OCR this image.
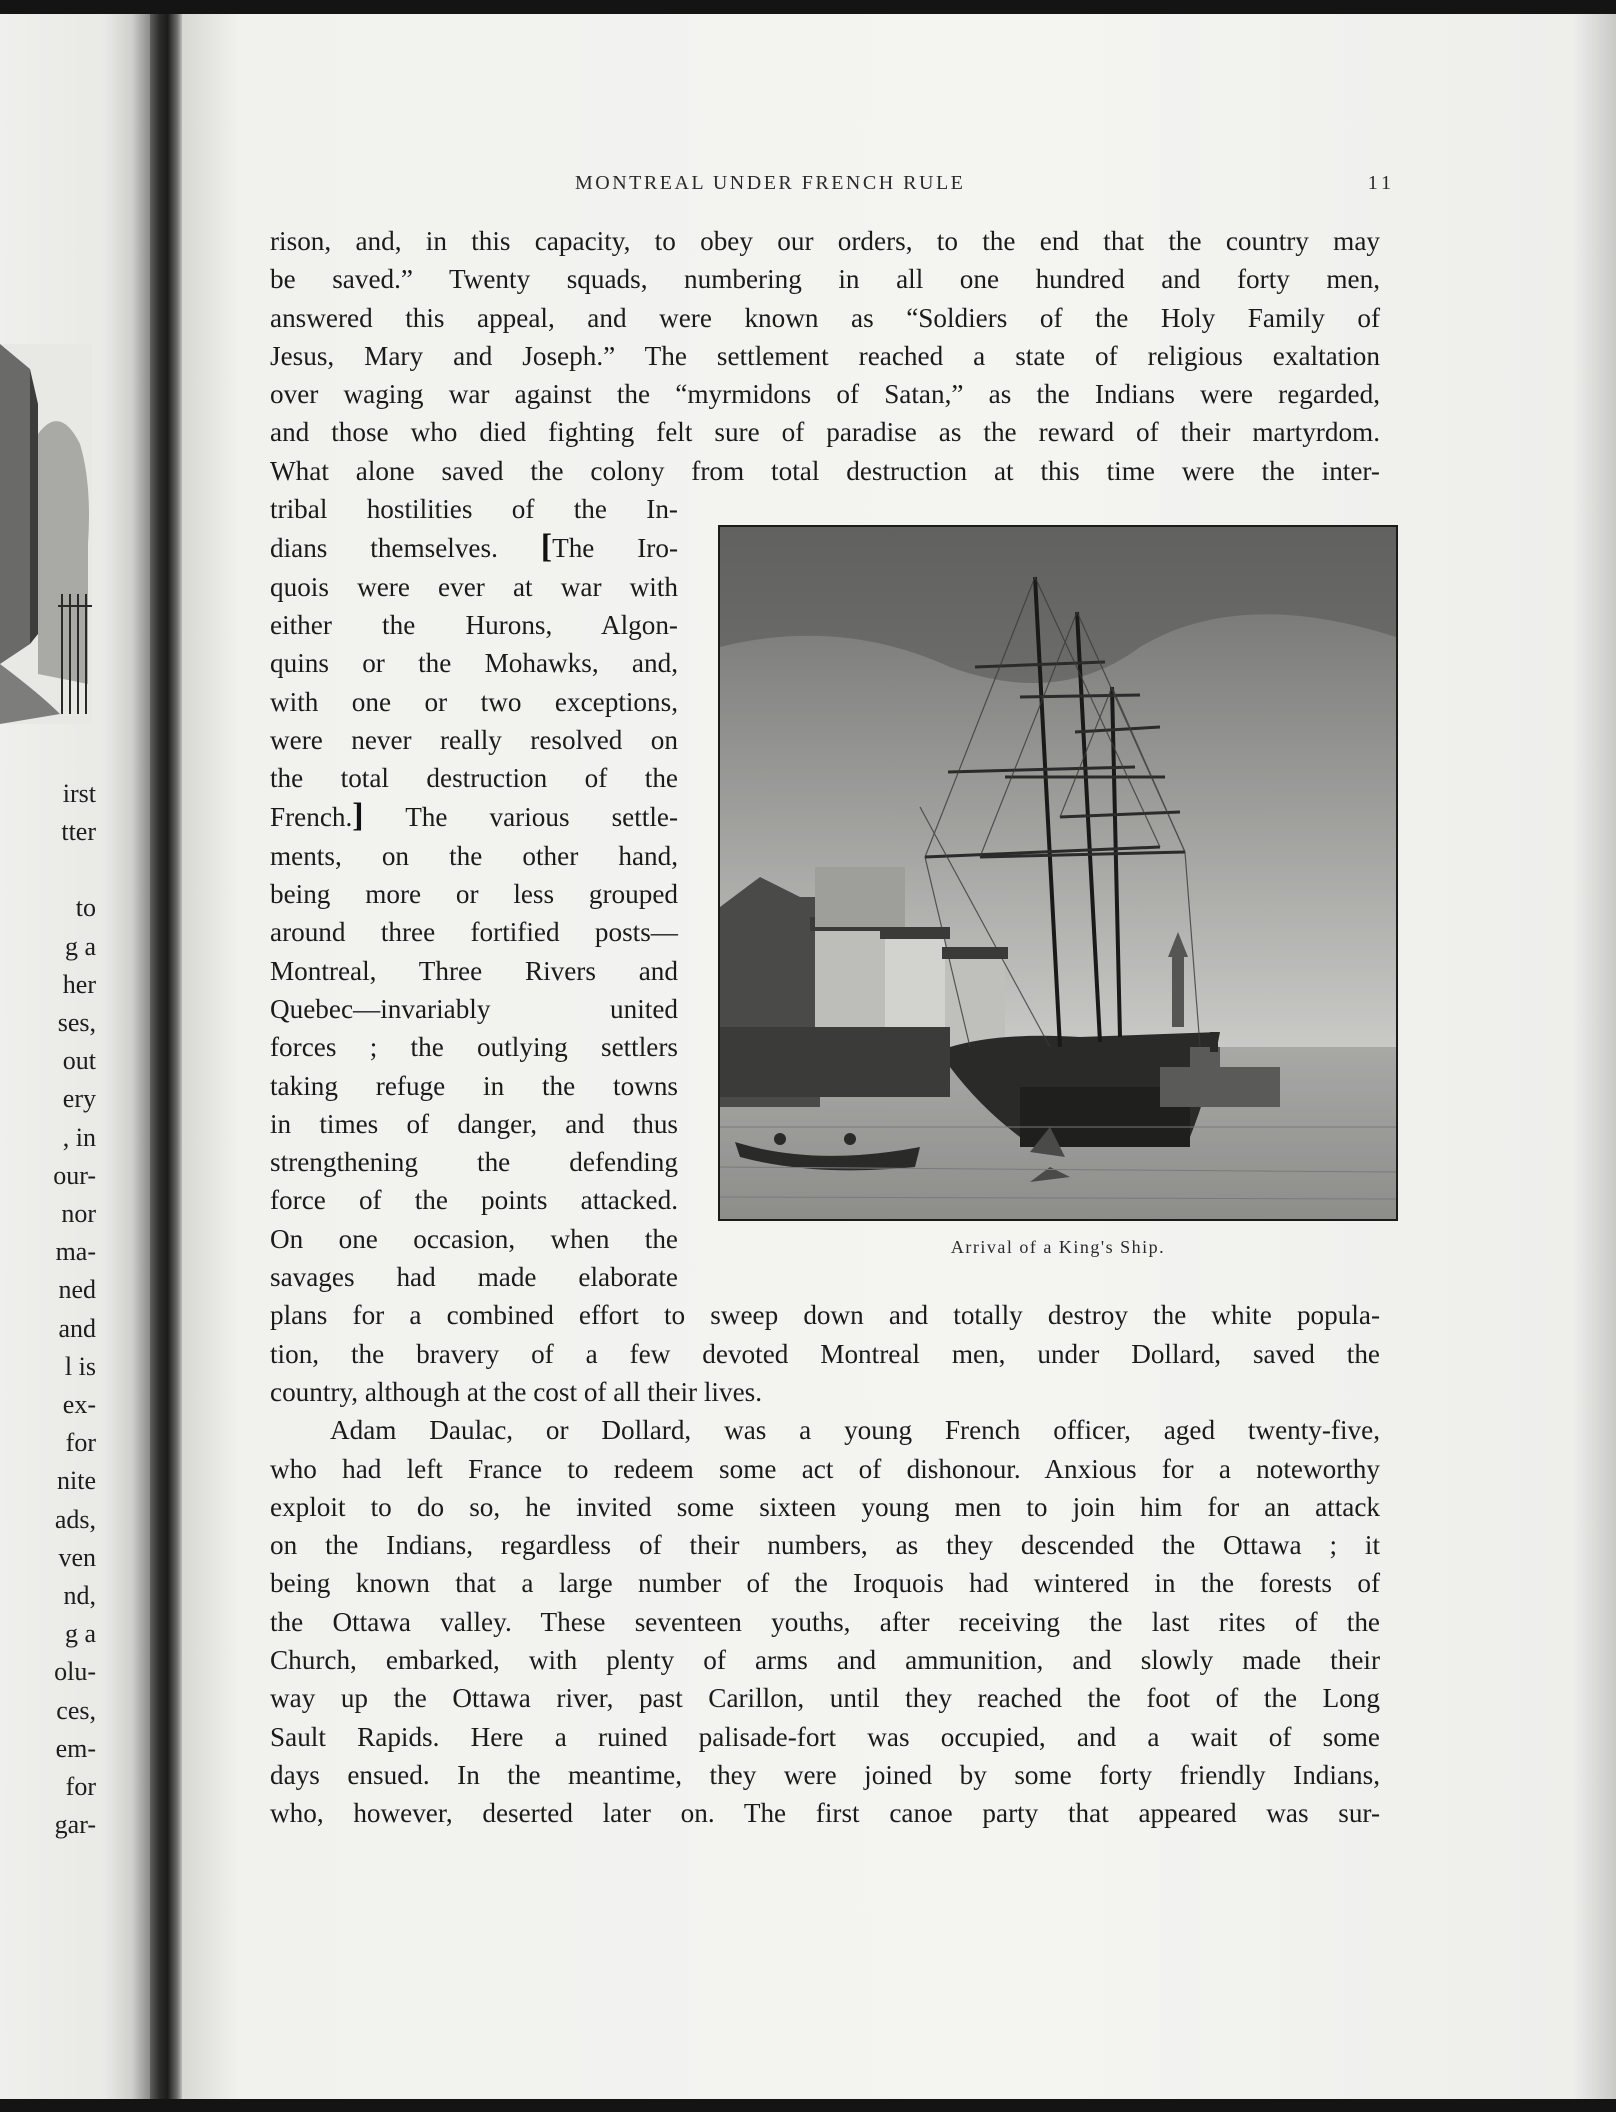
irst
tter
to
g a
her
ses,
out
ery
, in
our-
nor
ma-
ned
and
l is
ex-
for
nite
ads,
ven
nd,
g a
olu-
ces,
em-
for
gar-
MONTREAL UNDER FRENCH RULE	11

rison, and, in this capacity, to obey our orders, to the end that the country may

be saved.” Twenty squads, numbering in all one hundred and forty men,

answered this appeal, and were known as “Soldiers of the Holy Family of

Jesus, Mary and Joseph.” The settlement reached a state of religious exaltation

over waging war against the “myrmidons of Satan,” as the Indians were regarded,

and those who died fighting felt sure of paradise as the reward of their martyrdom.

What alone saved the colony from total destruction at this time were the inter-

tribal hostilities of the In-

dians themselves. [The Iro-

quois were ever at war with

either the Hurons, Algon-

quins or the Mohawks, and,

with one or two exceptions,

were never really resolved on

the total destruction of the

French.] The various settle-

ments, on the other hand,

being more or less grouped

around three fortified posts—

Montreal, Three Rivers and

Quebec—invariably united

forces ; the outlying settlers

taking refuge in the towns

in times of danger, and thus

strengthening the defending

force of the points attacked.

On one occasion, when the

savages had made elaborate

plans for a combined effort to sweep down and totally destroy the white popula-

tion, the bravery of a few devoted Montreal men, under Dollard, saved the

country, although at the cost of all their lives.

Adam Daulac, or Dollard, was a young French officer, aged twenty-five,

who had left France to redeem some act of dishonour. Anxious for a noteworthy

exploit to do so, he invited some sixteen young men to join him for an attack

on the Indians, regardless of their numbers, as they descended the Ottawa ; it

being known that a large number of the Iroquois had wintered in the forests of

the Ottawa valley. These seventeen youths, after receiving the last rites of the

Church, embarked, with plenty of arms and ammunition, and slowly made their

way up the Ottawa river, past Carillon, until they reached the foot of the Long

Sault Rapids. Here a ruined palisade-fort was occupied, and a wait of some

days ensued. In the meantime, they were joined by some forty friendly Indians,

who, however, deserted later on. The first canoe party that appeared was sur-

Arrival of a King's Ship.
